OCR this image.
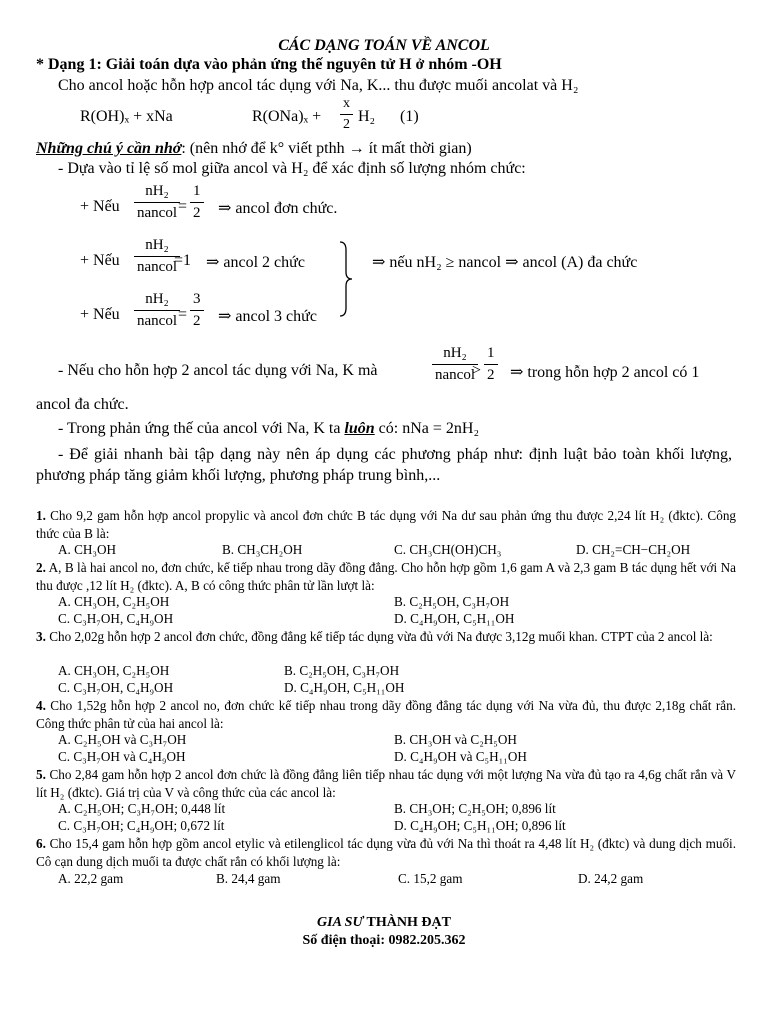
CÁC DẠNG TOÁN VỀ ANCOL
* Dạng 1: Giải toán dựa vào phản ứng thế nguyên tử H ở nhóm -OH
Cho ancol hoặc hỗn hợp ancol tác dụng với Na, K... thu được muối ancolat và H₂
R(OH)ₓ + xNa	$R(ONa)_x + \frac{x}{2} H_2$ (1)
Những chú ý cần nhớ: (nên nhớ để k° viết pthh → ít mất thời gian)
- Dựa vào tỉ lệ số mol giữa ancol và H₂ để xác định số lượng nhóm chức:
+ Nếu
nH₂
nancol = $\frac{1}{2}$ ⇒ ancol đơn chức.
+ Nếu
nH₂
nancol
=1 ⇒ ancol 2 chức
+ Nếu
nH₂
nancol = $\frac{3}{2}$ ⇒ ancol 3 chức
⇒ nếu nH₂ ≥ nancol ⇒ ancol (A) đa chức
- Nếu cho hỗn hợp 2 ancol tác dụng với Na, K mà
nH₂
nancol
> $\frac{1}{2}$ ⇒ trong hỗn hợp 2 ancol có 1
ancol đa chức.
- Trong phản ứng thế của ancol với Na, K ta luôn có: nNa = 2nH₂
- Để giải nhanh bài tập dạng này nên áp dụng các phương pháp như: định luật bảo toàn khối lượng, phương pháp tăng giảm khối lượng, phương pháp trung bình,...
1. Cho 9,2 gam hỗn hợp ancol propylic và ancol đơn chức B tác dụng với Na dư sau phản ứng thu được 2,24 lít H₂ (đktc). Công thức của B là:
A. CH₃OH	B. CH₃CH₂OH	C. CH₃CH(OH)CH₃	D. CH₂=CH−CH₂OH
2. A, B là hai ancol no, đơn chức, kế tiếp nhau trong dãy đồng đẳng. Cho hỗn hợp gồm 1,6 gam A và 2,3 gam B tác dụng hết với Na thu được ,12 lít H₂ (đktc). A, B có công thức phân tử lần lượt là:
A. CH₃OH, C₂H₅OH	B. C₂H₅OH, C₃H₇OH
C. C₃H₇OH, C₄H₉OH	D. C₄H₉OH, C₅H₁₁OH
3. Cho 2,02g hỗn hợp 2 ancol đơn chức, đồng đẳng kế tiếp tác dụng vừa đủ với Na được 3,12g muối khan. CTPT của 2 ancol là:
A. CH₃OH, C₂H₅OH	B. C₂H₅OH, C₃H₇OH
C. C₃H₇OH, C₄H₉OH	D. C₄H₉OH, C₅H₁₁OH
4. Cho 1,52g hỗn hợp 2 ancol no, đơn chức kế tiếp nhau trong dãy đồng đẳng tác dụng với Na vừa đủ, thu được 2,18g chất rắn. Công thức phân tử của hai ancol là:
A. C₂H₅OH và C₃H₇OH	B. CH₃OH và C₂H₅OH
C. C₃H₇OH và C₄H₉OH	D. C₄H₉OH và C₅H₁₁OH
5. Cho 2,84 gam hỗn hợp 2 ancol đơn chức là đồng đẳng liên tiếp nhau tác dụng với một lượng Na vừa đủ tạo ra 4,6g chất rắn và V lít H₂ (đktc). Giá trị của V và công thức của các ancol là:
A. C₂H₅OH; C₃H₇OH; 0,448 lít	B. CH₃OH; C₂H₅OH; 0,896 lít
C. C₃H₇OH; C₄H₉OH; 0,672 lít	D. C₄H₉OH; C₅H₁₁OH; 0,896 lít
6. Cho 15,4 gam hỗn hợp gồm ancol etylic và etilenglicol tác dụng vừa đủ với Na thì thoát ra 4,48 lít H₂ (đktc) và dung dịch muối. Cô cạn dung dịch muối ta được chất rắn có khối lượng là:
A. 22,2 gam	B. 24,4 gam	C. 15,2 gam	D. 24,2 gam
GIA SƯ THÀNH ĐẠT
Số điện thoại: 0982.205.362
